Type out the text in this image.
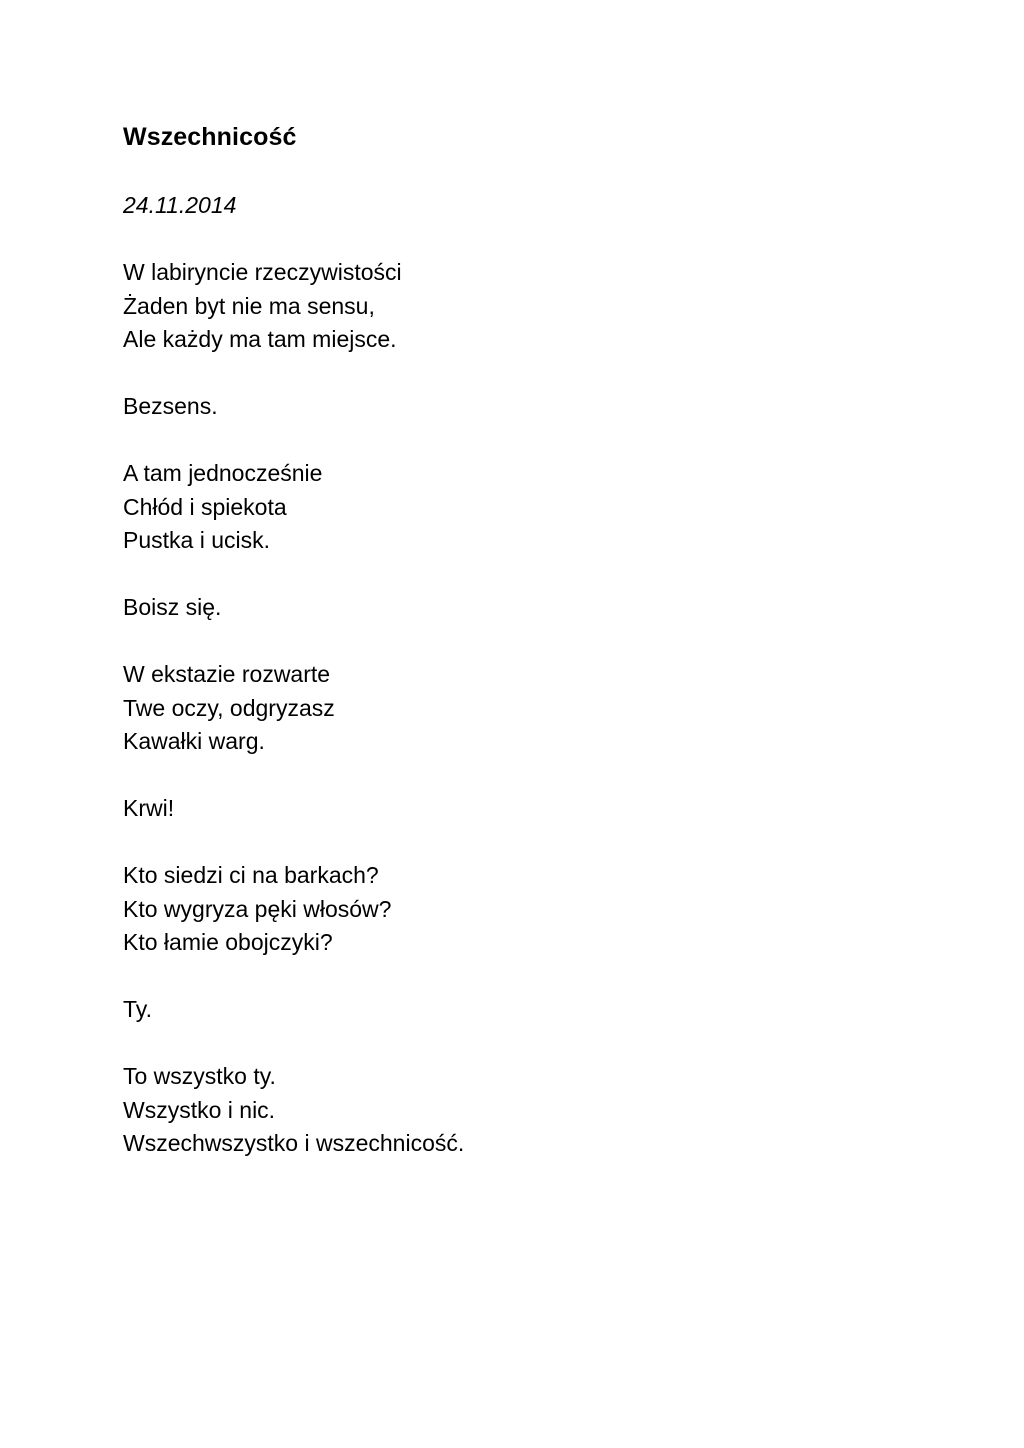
Wszechnicość
24.11.2014
W labiryncie rzeczywistości
Żaden byt nie ma sensu,
Ale każdy ma tam miejsce.
Bezsens.
A tam jednocześnie
Chłód i spiekota
Pustka i ucisk.
Boisz się.
W ekstazie rozwarte
Twe oczy, odgryzasz
Kawałki warg.
Krwi!
Kto siedzi ci na barkach?
Kto wygryza pęki włosów?
Kto łamie obojczyki?
Ty.
To wszystko ty.
Wszystko i nic.
Wszechwszystko i wszechnicość.
